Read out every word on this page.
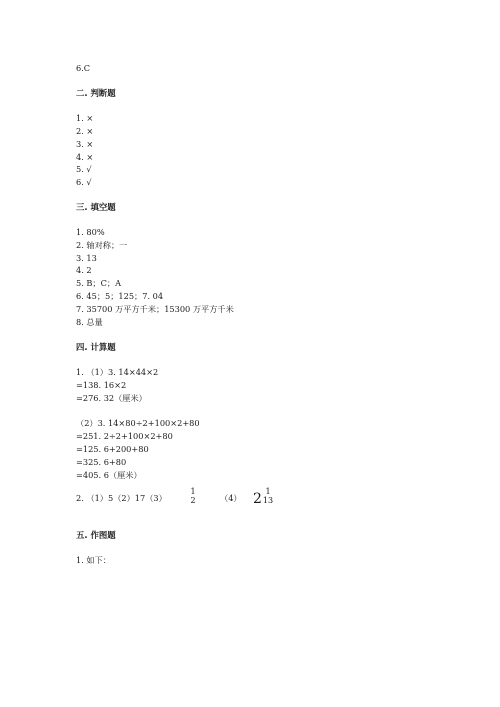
6.C
二. 判断题
1. ×
2. ×
3. ×
4. ×
5. √
6. √
三. 填空题
1. 80%
2. 轴对称；一
3. 13
4. 2
5. B；C；A
6. 45；5；125；7. 04
7. 35700 万平方千米；15300 万平方千米
8. 总量
四. 计算题
1. （1）3. 14×44×2
=138. 16×2
=276. 32（厘米）
（2）3. 14×80÷2+100×2+80
=251. 2÷2+100×2+80
=125. 6+200+80
=325. 6+80
=405. 6（厘米）
2. （1）5（2）17（3）
1
2	（4） 2 1
13
五. 作图题
1. 如下：
